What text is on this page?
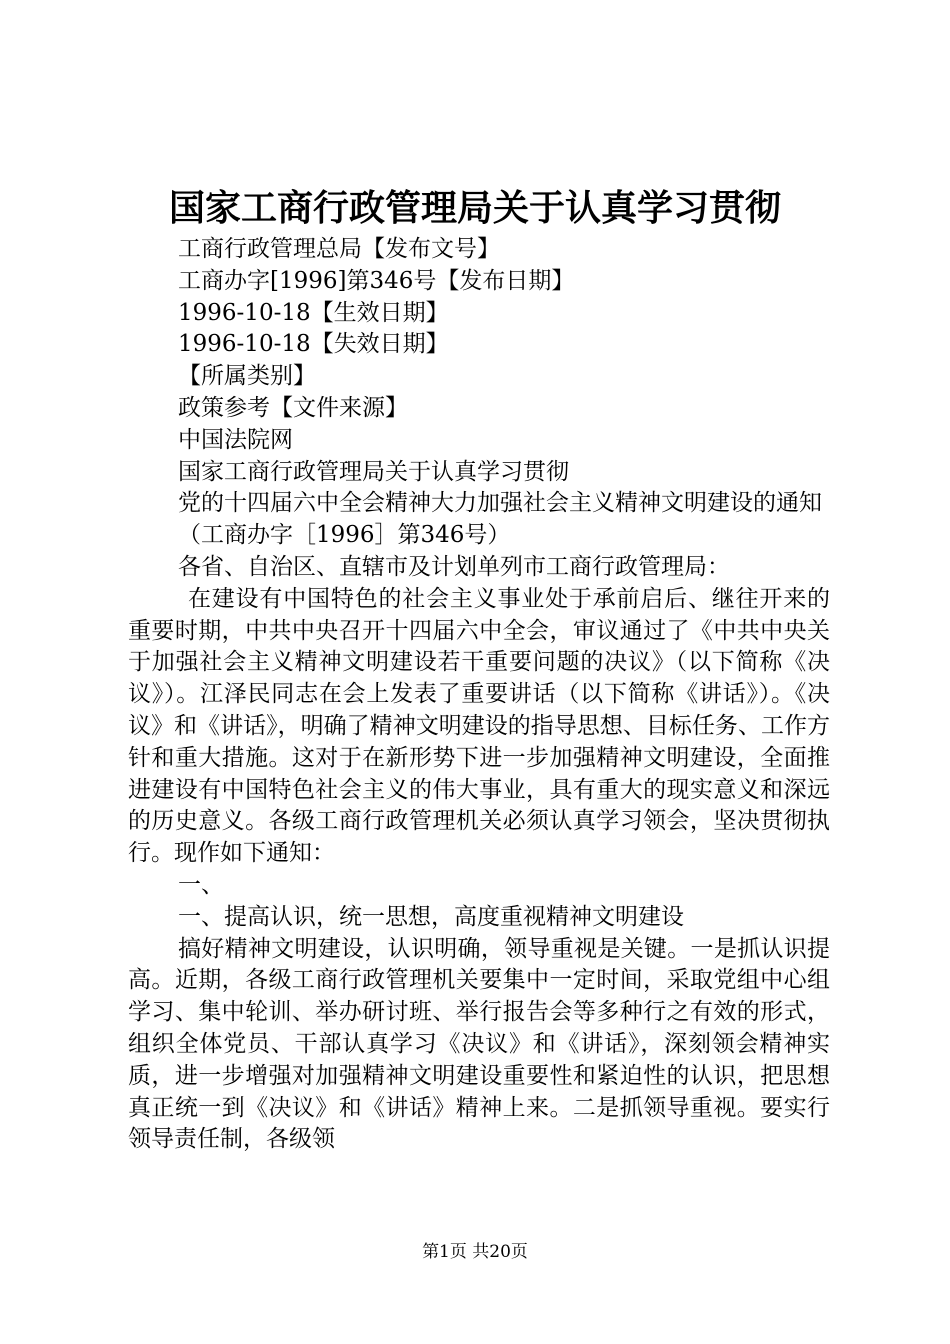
国家工商行政管理局关于认真学习贯彻

工商行政管理总局【发布文号】

工商办字[1996]第346号【发布日期】

1996-10-18【生效日期】

1996-10-18【失效日期】

【所属类别】

政策参考【文件来源】

中国法院网

国家工商行政管理局关于认真学习贯彻

党的十四届六中全会精神大力加强社会主义精神文明建设的通知

（工商办字［1996］第346号）

各省、自治区、直辖市及计划单列市工商行政管理局：

在建设有中国特色的社会主义事业处于承前启后、继往开来的重要时期，中共中央召开十四届六中全会，审议通过了《中共中央关于加强社会主义精神文明建设若干重要问题的决议》（以下简称《决议》）。江泽民同志在会上发表了重要讲话（以下简称《讲话》）。《决议》和《讲话》，明确了精神文明建设的指导思想、目标任务、工作方针和重大措施。这对于在新形势下进一步加强精神文明建设，全面推进建设有中国特色社会主义的伟大事业，具有重大的现实意义和深远的历史意义。各级工商行政管理机关必须认真学习领会，坚决贯彻执行。现作如下通知：

一、

一、提高认识，统一思想，高度重视精神文明建设

搞好精神文明建设，认识明确，领导重视是关键。一是抓认识提高。近期，各级工商行政管理机关要集中一定时间，采取党组中心组学习、集中轮训、举办研讨班、举行报告会等多种行之有效的形式，组织全体党员、干部认真学习《决议》和《讲话》，深刻领会精神实质，进一步增强对加强精神文明建设重要性和紧迫性的认识，把思想真正统一到《决议》和《讲话》精神上来。二是抓领导重视。要实行领导责任制，各级领

第1页 共20页
